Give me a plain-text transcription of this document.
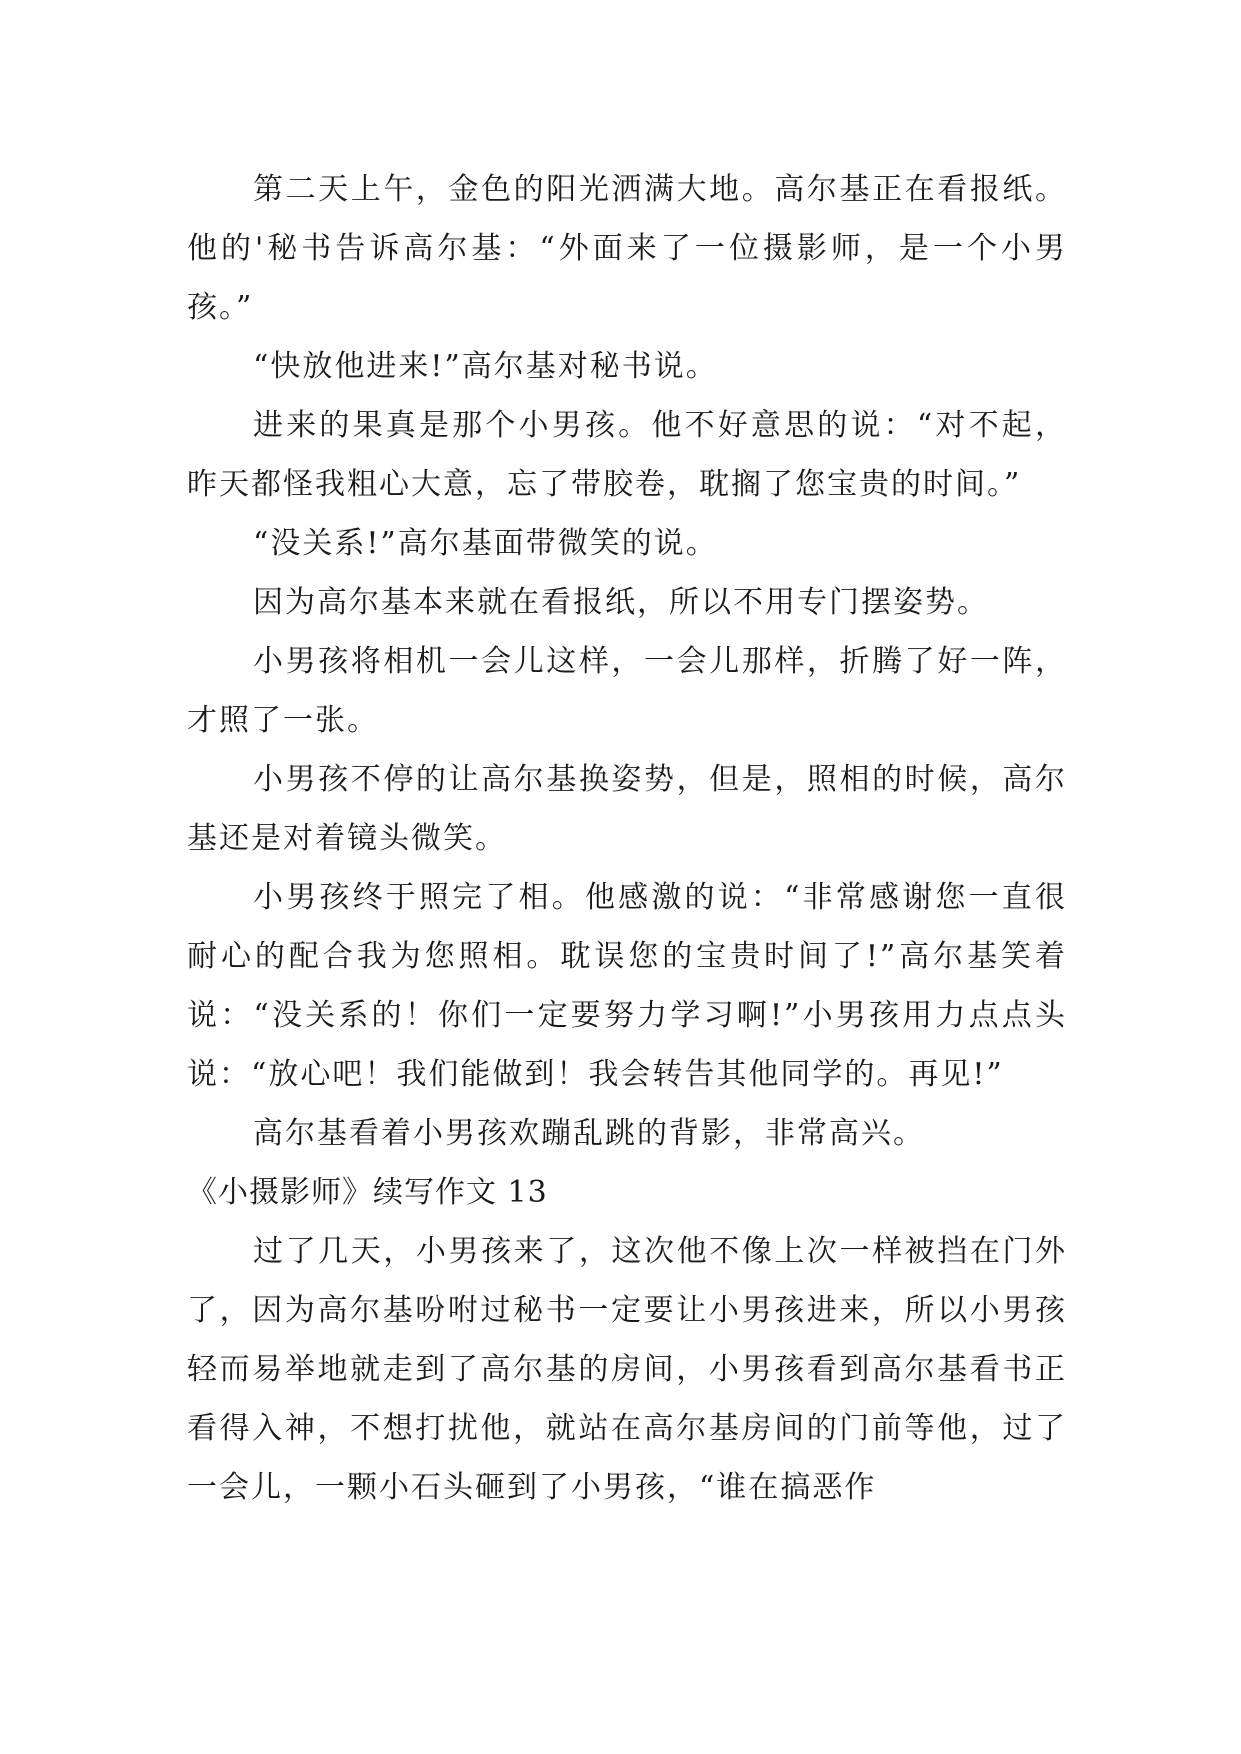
第二天上午，金色的阳光洒满大地。高尔基正在看报纸。他的'秘书告诉高尔基：“外面来了一位摄影师，是一个小男孩。”

“快放他进来!”高尔基对秘书说。

进来的果真是那个小男孩。他不好意思的说：“对不起，昨天都怪我粗心大意，忘了带胶卷，耽搁了您宝贵的时间。”

“没关系!”高尔基面带微笑的说。

因为高尔基本来就在看报纸，所以不用专门摆姿势。

小男孩将相机一会儿这样，一会儿那样，折腾了好一阵，才照了一张。

小男孩不停的让高尔基换姿势，但是，照相的时候，高尔基还是对着镜头微笑。

小男孩终于照完了相。他感激的说：“非常感谢您一直很耐心的配合我为您照相。耽误您的宝贵时间了!”高尔基笑着说：“没关系的！你们一定要努力学习啊!”小男孩用力点点头说：“放心吧！我们能做到！我会转告其他同学的。再见!”

高尔基看着小男孩欢蹦乱跳的背影，非常高兴。

《小摄影师》续写作文 13

过了几天，小男孩来了，这次他不像上次一样被挡在门外了，因为高尔基吩咐过秘书一定要让小男孩进来，所以小男孩轻而易举地就走到了高尔基的房间，小男孩看到高尔基看书正看得入神，不想打扰他，就站在高尔基房间的门前等他，过了一会儿，一颗小石头砸到了小男孩，“谁在搞恶作
